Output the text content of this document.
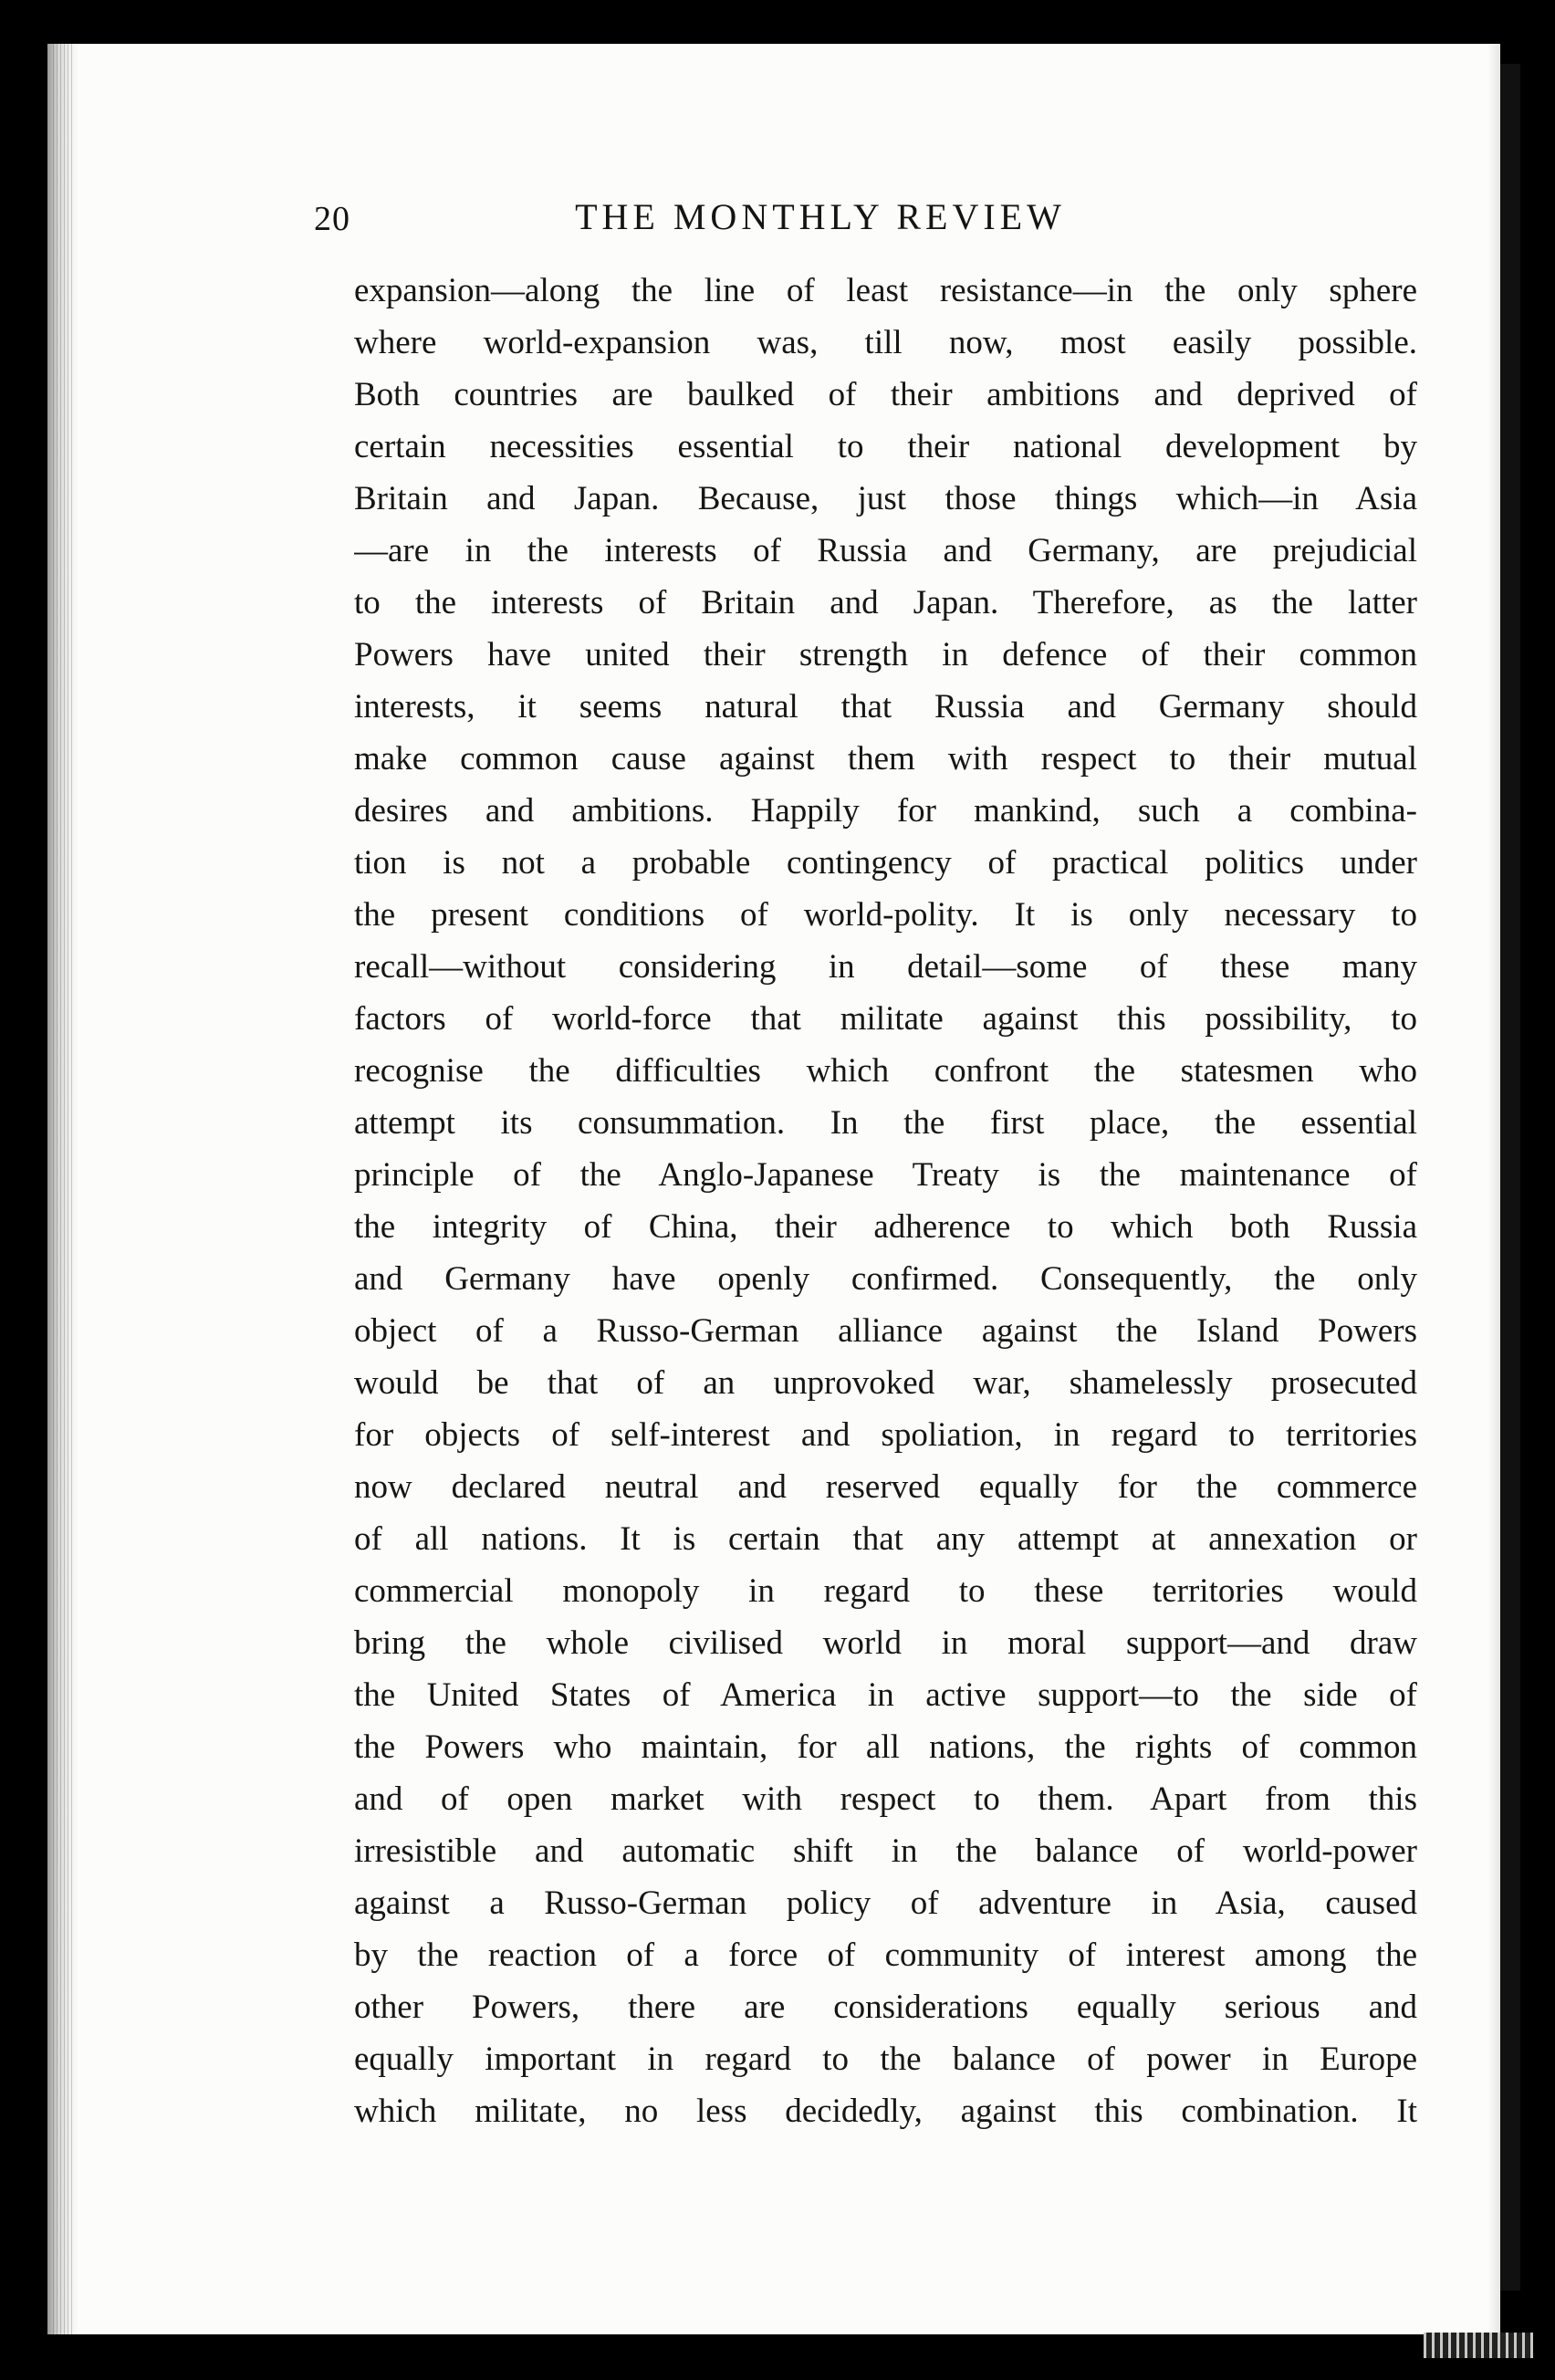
20	THE MONTHLY REVIEW
expansion—along the line of least resistance—in the only sphere
where world-expansion was, till now, most easily possible.
Both countries are baulked of their ambitions and deprived of
certain necessities essential to their national development by
Britain and Japan. Because, just those things which—in Asia
—are in the interests of Russia and Germany, are prejudicial
to the interests of Britain and Japan. Therefore, as the latter
Powers have united their strength in defence of their common
interests, it seems natural that Russia and Germany should
make common cause against them with respect to their mutual
desires and ambitions. Happily for mankind, such a combina-
tion is not a probable contingency of practical politics under
the present conditions of world-polity. It is only necessary to
recall—without considering in detail—some of these many
factors of world-force that militate against this possibility, to
recognise the difficulties which confront the statesmen who
attempt its consummation. In the first place, the essential
principle of the Anglo-Japanese Treaty is the maintenance of
the integrity of China, their adherence to which both Russia
and Germany have openly confirmed. Consequently, the only
object of a Russo-German alliance against the Island Powers
would be that of an unprovoked war, shamelessly prosecuted
for objects of self-interest and spoliation, in regard to territories
now declared neutral and reserved equally for the commerce
of all nations. It is certain that any attempt at annexation or
commercial monopoly in regard to these territories would
bring the whole civilised world in moral support—and draw
the United States of America in active support—to the side of
the Powers who maintain, for all nations, the rights of common
and of open market with respect to them. Apart from this
irresistible and automatic shift in the balance of world-power
against a Russo-German policy of adventure in Asia, caused
by the reaction of a force of community of interest among the
other Powers, there are considerations equally serious and
equally important in regard to the balance of power in Europe
which militate, no less decidedly, against this combination. It
